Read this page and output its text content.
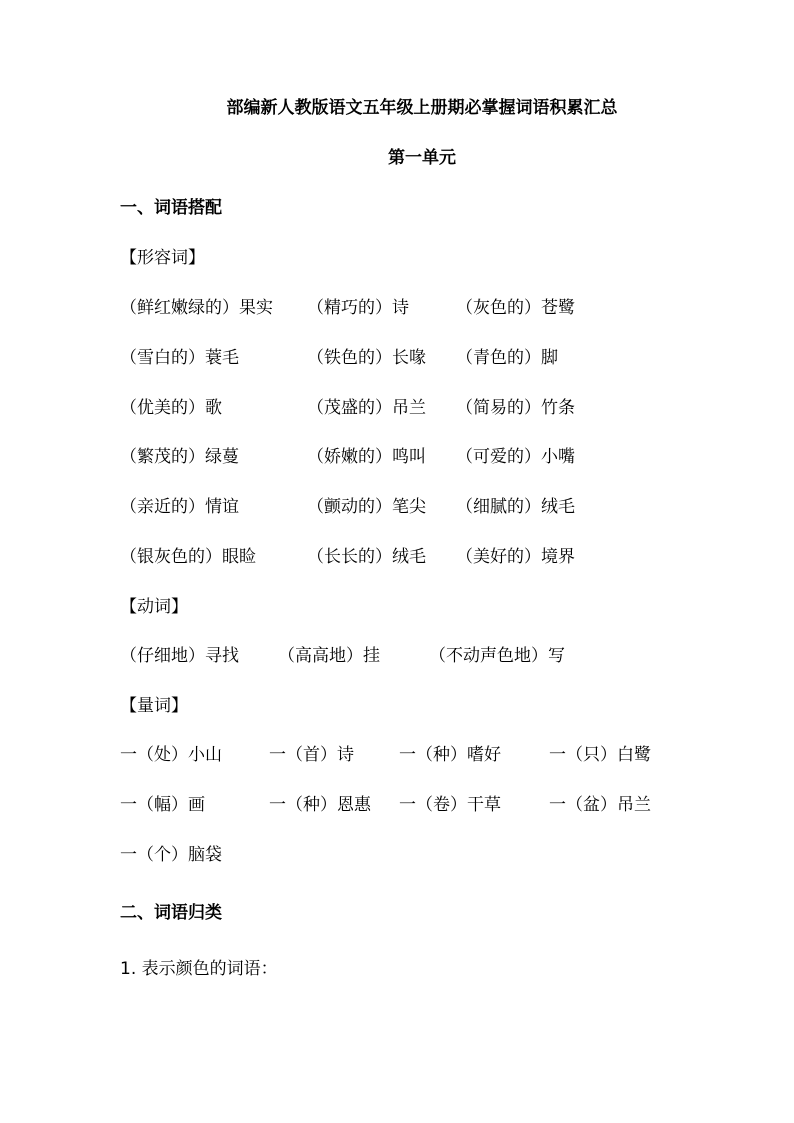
部编新人教版语文五年级上册期必掌握词语积累汇总
第一单元
一、词语搭配
【形容词】
（鲜红嫩绿的）果实 （精巧的）诗	（灰色的）苍鹭
（雪白的）蓑毛	（铁色的）长喙 （青色的）脚
（优美的）歌	（茂盛的）吊兰 （简易的）竹条
（繁茂的）绿蔓	（娇嫩的）鸣叫 （可爱的）小嘴
（亲近的）情谊	（颤动的）笔尖 （细腻的）绒毛
（银灰色的）眼睑	（长长的）绒毛 （美好的）境界
【动词】
（仔细地）寻找 （高高地）挂	（不动声色地）写
【量词】
一（处）小山	一（首）诗	一（种）嗜好	一（只）白鹭
一（幅）画	一（种）恩惠 一（卷）干草	一（盆）吊兰
一（个）脑袋
二、词语归类
1. 表示颜色的词语：
